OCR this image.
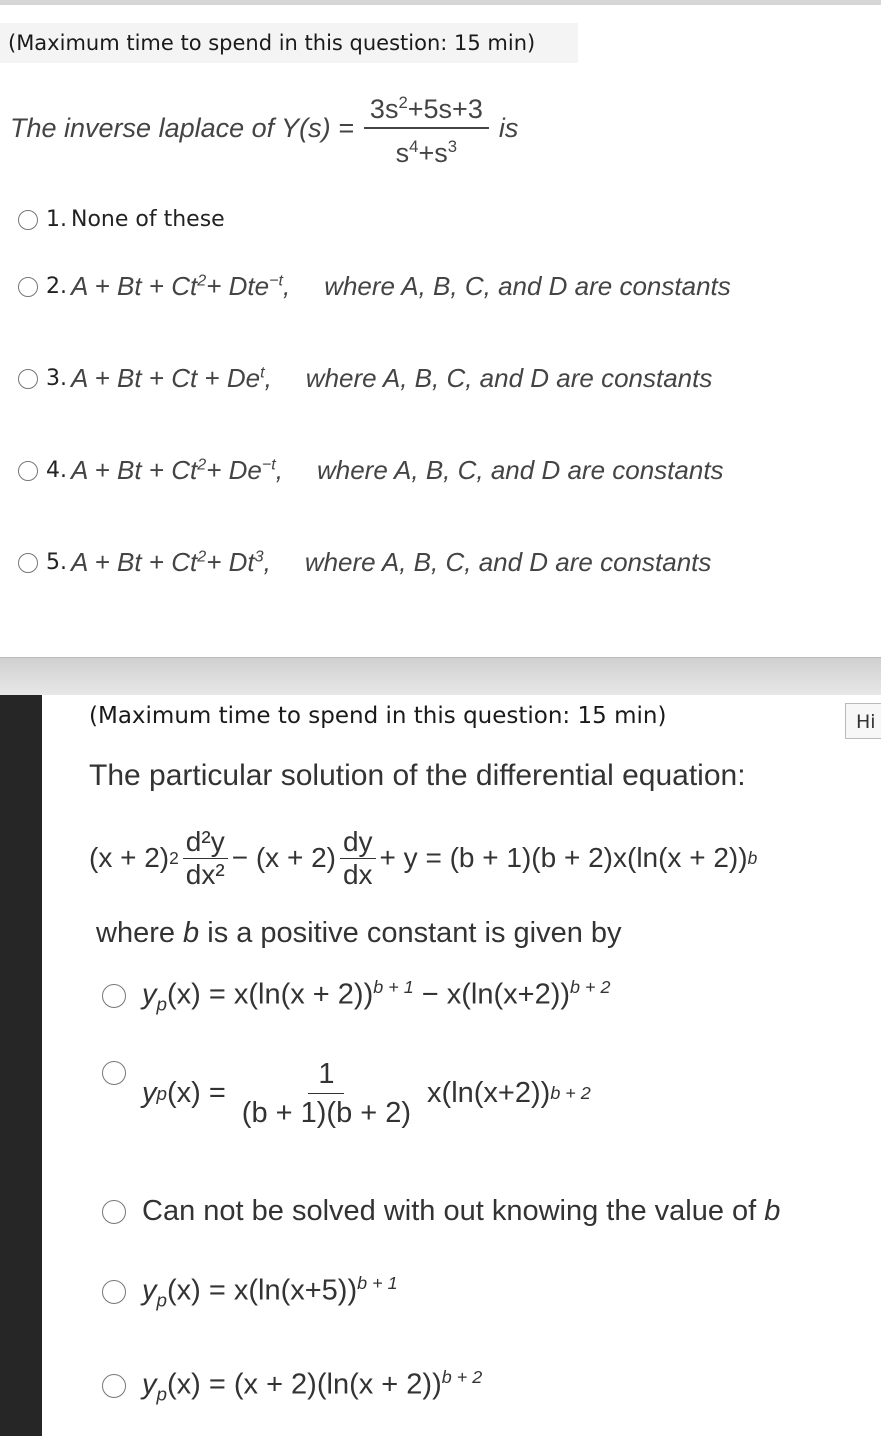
(Maximum time to spend in this question: 15 min)
The inverse laplace of $Y(s) = \frac{3s^2+5s+3}{s^4+s^3}$ is
1. None of these
2. $A + Bt + Ct^2+ Dte^{-t}$, where A, B, C, and D are constants
3. $A + Bt + Ct + De^t$, where A, B, C, and D are constants
4. $A + Bt + Ct^2+ De^{-t}$, where A, B, C, and D are constants
5. $A + Bt + Ct^2+ Dt^3$, where A, B, C, and D are constants
(Maximum time to spend in this question: 15 min)	Hi
The particular solution of the differential equation:
(x + 2) $2 \frac{\text{d²y}}{\text{dx²}} - (x + 2) \frac{dy}{dx} + y = (b + 1)(b + 2)x(\ln(x + 2))$ b
where b is a positive constant is given by
$y_p(x) = x(\ln(x + 2))^{b + 1} - x(\ln(x+2))^{b + 2}$
y p $(x) = \frac{1}{(b + 1)(b + 2)} x(\ln(x+2)) b + 2$
Can not be solved with out knowing the value of b
$y_p(x) = x(\ln(x+5))^{b + 1}$
$y_p(x) = (x + 2)(\ln(x + 2))^{b + 2}$
